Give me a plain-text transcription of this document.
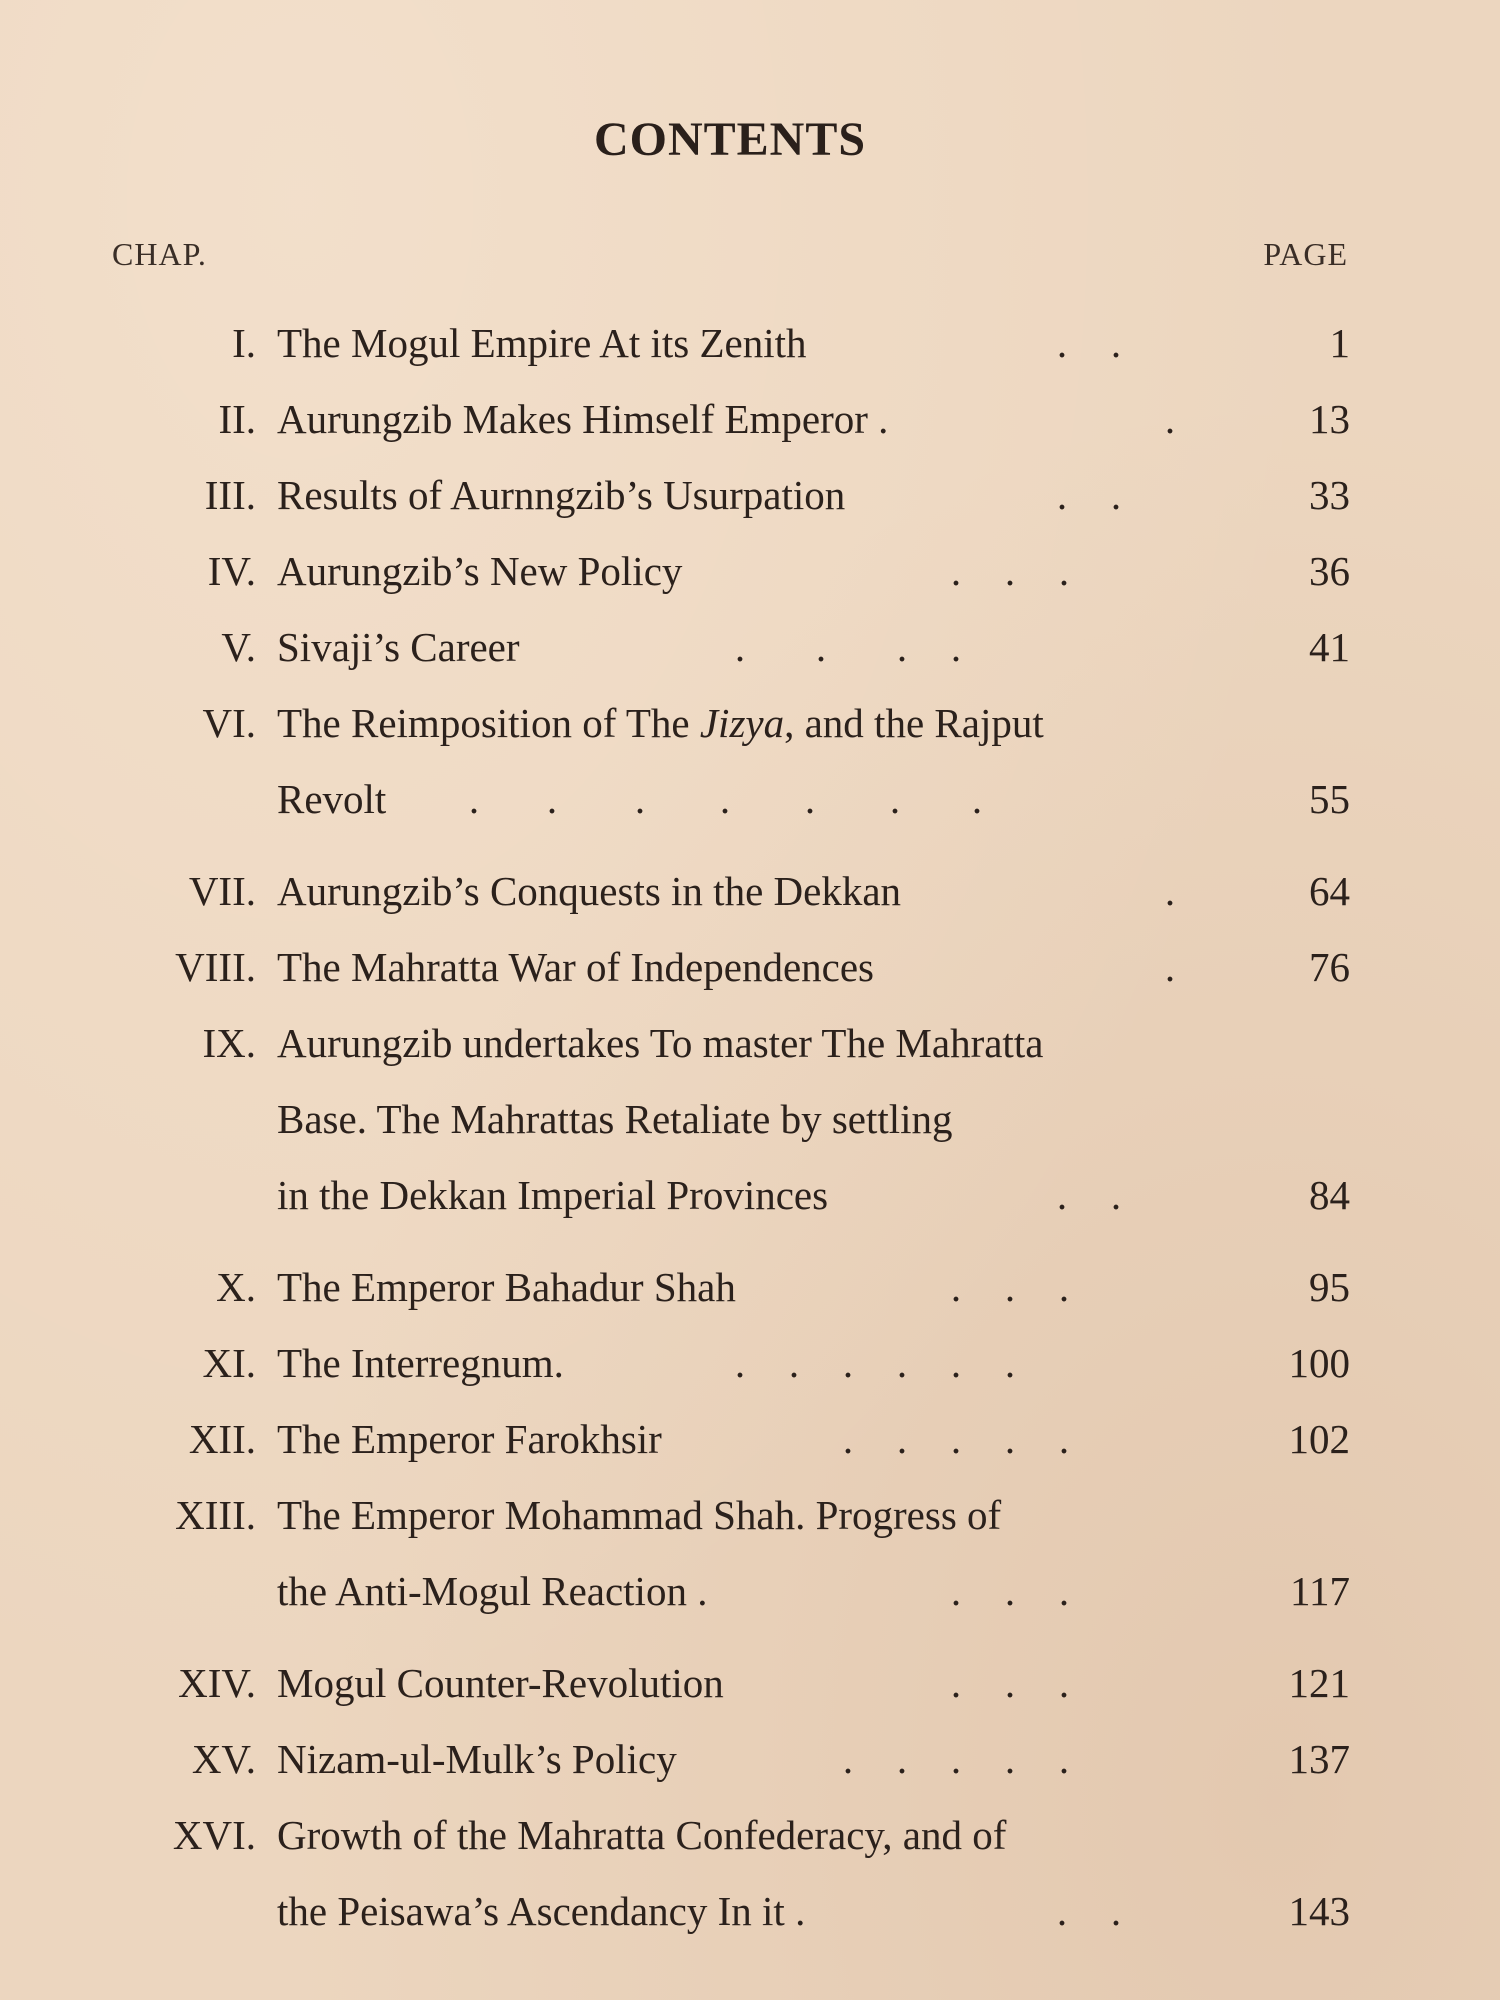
CONTENTS
CHAP.	PAGE
I. The Mogul Empire At its Zenith	. .	1
II. Aurungzib Makes Himself Emperor .	.	13
III. Results of Aurnngzib’s Usurpation	. .	33
IV. Aurungzib’s New Policy	. . .	36
V. Sivaji’s Career	. . . .	41
VI. The Reimposition of The Jizya, and the Rajput
Revolt	. . . . . . .	55
VII. Aurungzib’s Conquests in the Dekkan	.	64
VIII. The Mahratta War of Independences	.	76
IX. Aurungzib undertakes To master The Mahratta
Base. The Mahrattas Retaliate by settling
in the Dekkan Imperial Provinces	. .	84
X. The Emperor Bahadur Shah	. . .	95
XI. The Interregnum.	. . . . . .	100
XII. The Emperor Farokhsir	. . . . .	102
XIII. The Emperor Mohammad Shah. Progress of
the Anti-Mogul Reaction .	. . .	117
XIV. Mogul Counter-Revolution	. . .	121
XV. Nizam-ul-Mulk’s Policy	. . . . .	137
XVI. Growth of the Mahratta Confederacy, and of
the Peisawa’s Ascendancy In it .	. .	143
